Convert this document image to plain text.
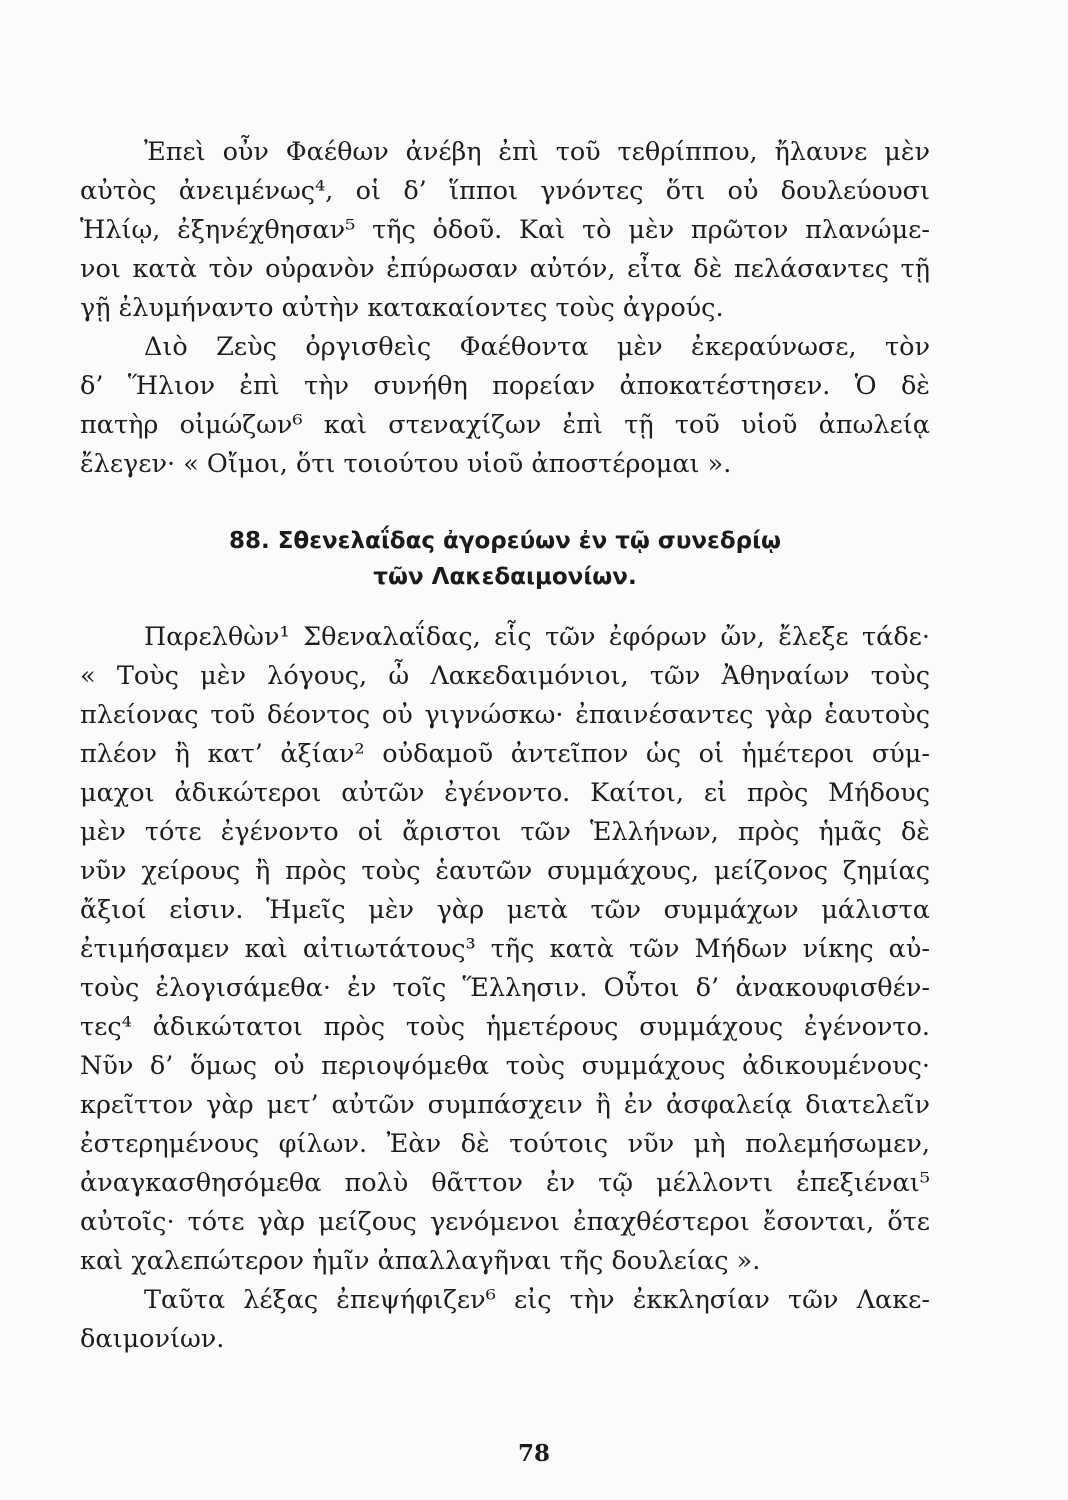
Ἐπεὶ οὖν Φαέθων ἀνέβη ἐπὶ τοῦ τεθρίππου, ἤλαυνε μὲν
αὐτὸς ἀνειμένως⁴, οἱ δ’ ἵπποι γνόντες ὅτι οὐ δουλεύουσι
Ἡλίῳ, ἐξηνέχθησαν⁵ τῆς ὁδοῦ. Καὶ τὸ μὲν πρῶτον πλανώμε-
νοι κατὰ τὸν οὐρανὸν ἐπύρωσαν αὐτόν, εἶτα δὲ πελάσαντες τῇ
γῇ ἐλυμήναντο αὐτὴν κατακαίοντες τοὺς ἀγρούς.
Διὸ Ζεὺς ὀργισθεὶς Φαέθοντα μὲν ἐκεραύνωσε, τὸν
δ’ Ἥλιον ἐπὶ τὴν συνήθη πορείαν ἀποκατέστησεν. Ὁ δὲ
πατὴρ οἰμώζων⁶ καὶ στεναχίζων ἐπὶ τῇ τοῦ υἱοῦ ἀπωλείᾳ
ἔλεγεν· « Οἴμοι, ὅτι τοιούτου υἱοῦ ἀποστέρομαι ».
88. Σθενελαΐδας ἀγορεύων ἐν τῷ συνεδρίῳ
τῶν Λακεδαιμονίων.
Παρελθὼν¹ Σθεναλαΐδας, εἷς τῶν ἐφόρων ὤν, ἔλεξε τάδε·
« Τοὺς μὲν λόγους, ὦ Λακεδαιμόνιοι, τῶν Ἀθηναίων τοὺς
πλείονας τοῦ δέοντος οὐ γιγνώσκω· ἐπαινέσαντες γὰρ ἑαυτοὺς
πλέον ἢ κατ’ ἀξίαν² οὐδαμοῦ ἀντεῖπον ὡς οἱ ἡμέτεροι σύμ-
μαχοι ἀδικώτεροι αὐτῶν ἐγένοντο. Καίτοι, εἰ πρὸς Μήδους
μὲν τότε ἐγένοντο οἱ ἄριστοι τῶν Ἑλλήνων, πρὸς ἡμᾶς δὲ
νῦν χείρους ἢ πρὸς τοὺς ἑαυτῶν συμμάχους, μείζονος ζημίας
ἄξιοί εἰσιν. Ἡμεῖς μὲν γὰρ μετὰ τῶν συμμάχων μάλιστα
ἐτιμήσαμεν καὶ αἰτιωτάτους³ τῆς κατὰ τῶν Μήδων νίκης αὐ-
τοὺς ἐλογισάμεθα· ἐν τοῖς Ἕλλησιν. Οὗτοι δ’ ἀνακουφισθέν-
τες⁴ ἀδικώτατοι πρὸς τοὺς ἡμετέρους συμμάχους ἐγένοντο.
Νῦν δ’ ὅμως οὐ περιοψόμεθα τοὺς συμμάχους ἀδικουμένους·
κρεῖττον γὰρ μετ’ αὐτῶν συμπάσχειν ἢ ἐν ἀσφαλείᾳ διατελεῖν
ἐστερημένους φίλων. Ἐὰν δὲ τούτοις νῦν μὴ πολεμήσωμεν,
ἀναγκασθησόμεθα πολὺ θᾶττον ἐν τῷ μέλλοντι ἐπεξιέναι⁵
αὐτοῖς· τότε γὰρ μείζους γενόμενοι ἐπαχθέστεροι ἔσονται, ὅτε
καὶ χαλεπώτερον ἡμῖν ἀπαλλαγῆναι τῆς δουλείας ».
Ταῦτα λέξας ἐπεψήφιζεν⁶ εἰς τὴν ἐκκλησίαν τῶν Λακε-
δαιμονίων.
78
